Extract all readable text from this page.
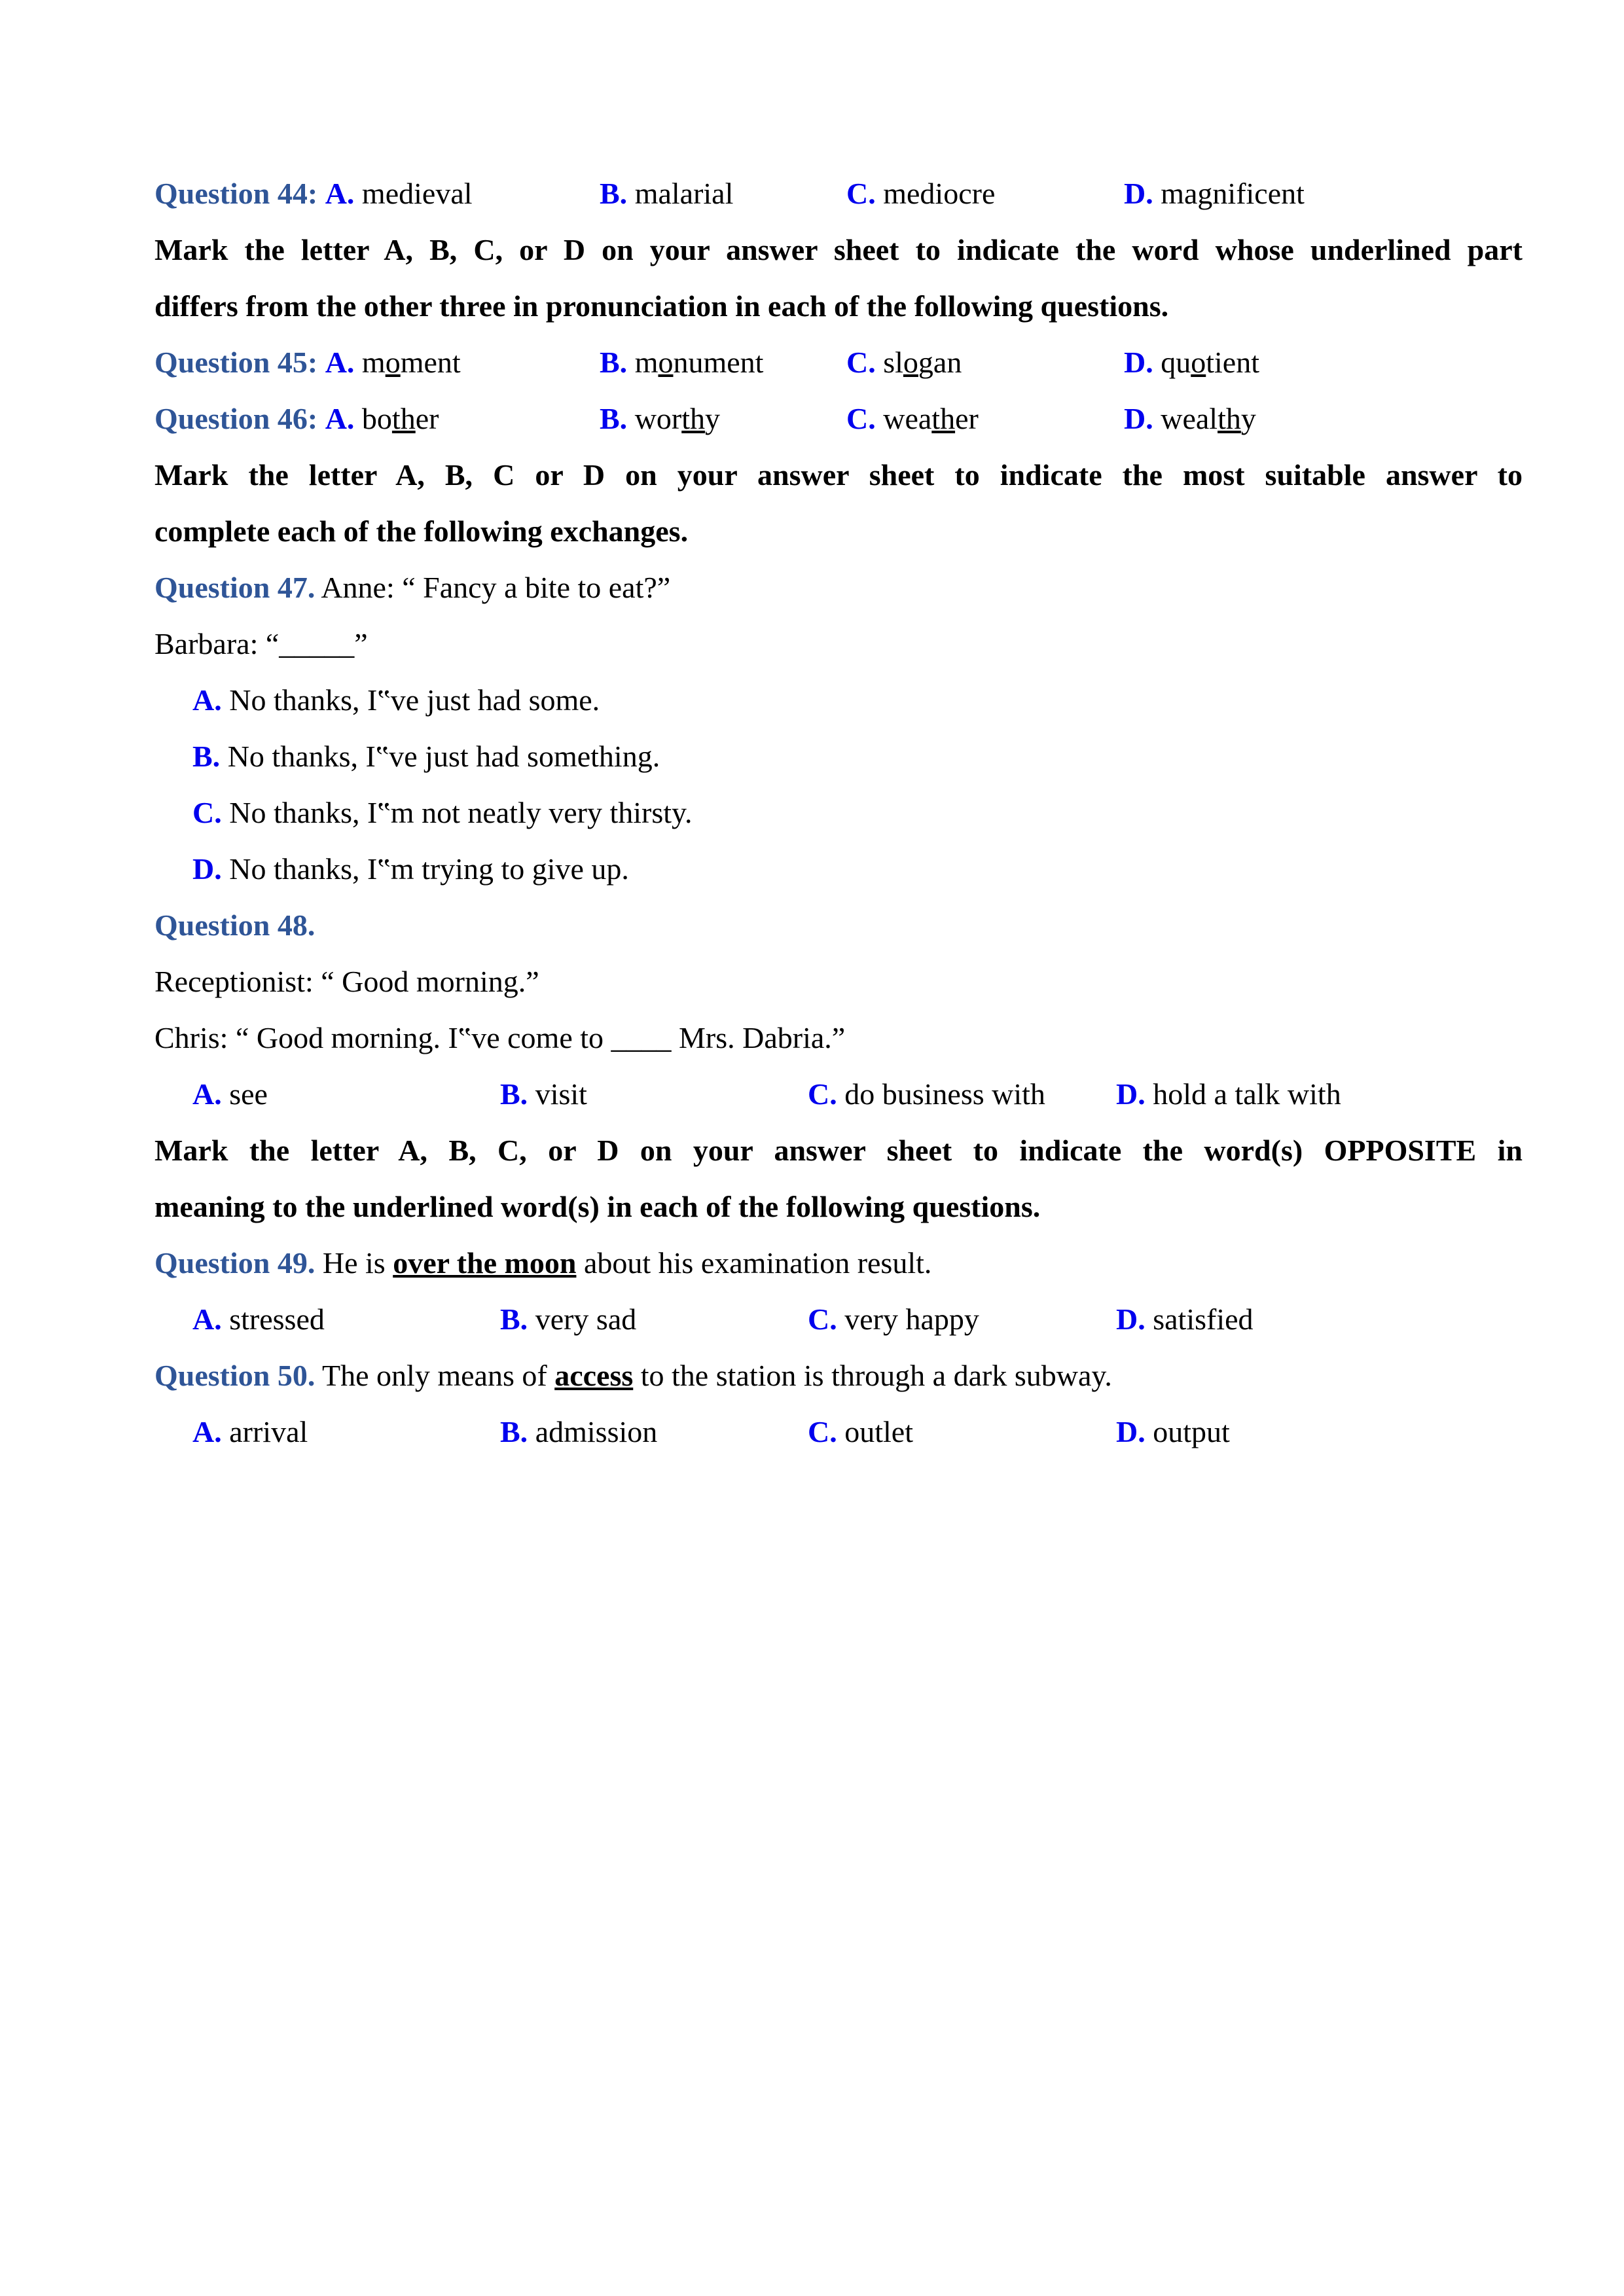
Question 44: A. medieval	B. malarial	C. mediocre	D. magnificent
Mark the letter A, B, C, or D on your answer sheet to indicate the word whose underlined part
differs from the other three in pronunciation in each of the following questions.
Question 45: A. moment	B. monument	C. slogan	D. quotient
Question 46: A. bother	B. worthy	C. weather	D. wealthy
Mark the letter A, B, C or D on your answer sheet to indicate the most suitable answer to
complete each of the following exchanges.
Question 47. Anne: “ Fancy a bite to eat?”
Barbara: “_____”
A. No thanks, I‟ve just had some.
B. No thanks, I‟ve just had something.
C. No thanks, I‟m not neatly very thirsty.
D. No thanks, I‟m trying to give up.
Question 48.
Receptionist: “ Good morning.”
Chris: “ Good morning. I‟ve come to ____ Mrs. Dabria.”
A. see	B. visit	C. do business with D. hold a talk with
Mark the letter A, B, C, or D on your answer sheet to indicate the word(s) OPPOSITE in
meaning to the underlined word(s) in each of the following questions.
Question 49. He is over the moon about his examination result.
A. stressed	B. very sad	C. very happy	D. satisfied
Question 50. The only means of access to the station is through a dark subway.
A. arrival	B. admission	C. outlet	D. output
